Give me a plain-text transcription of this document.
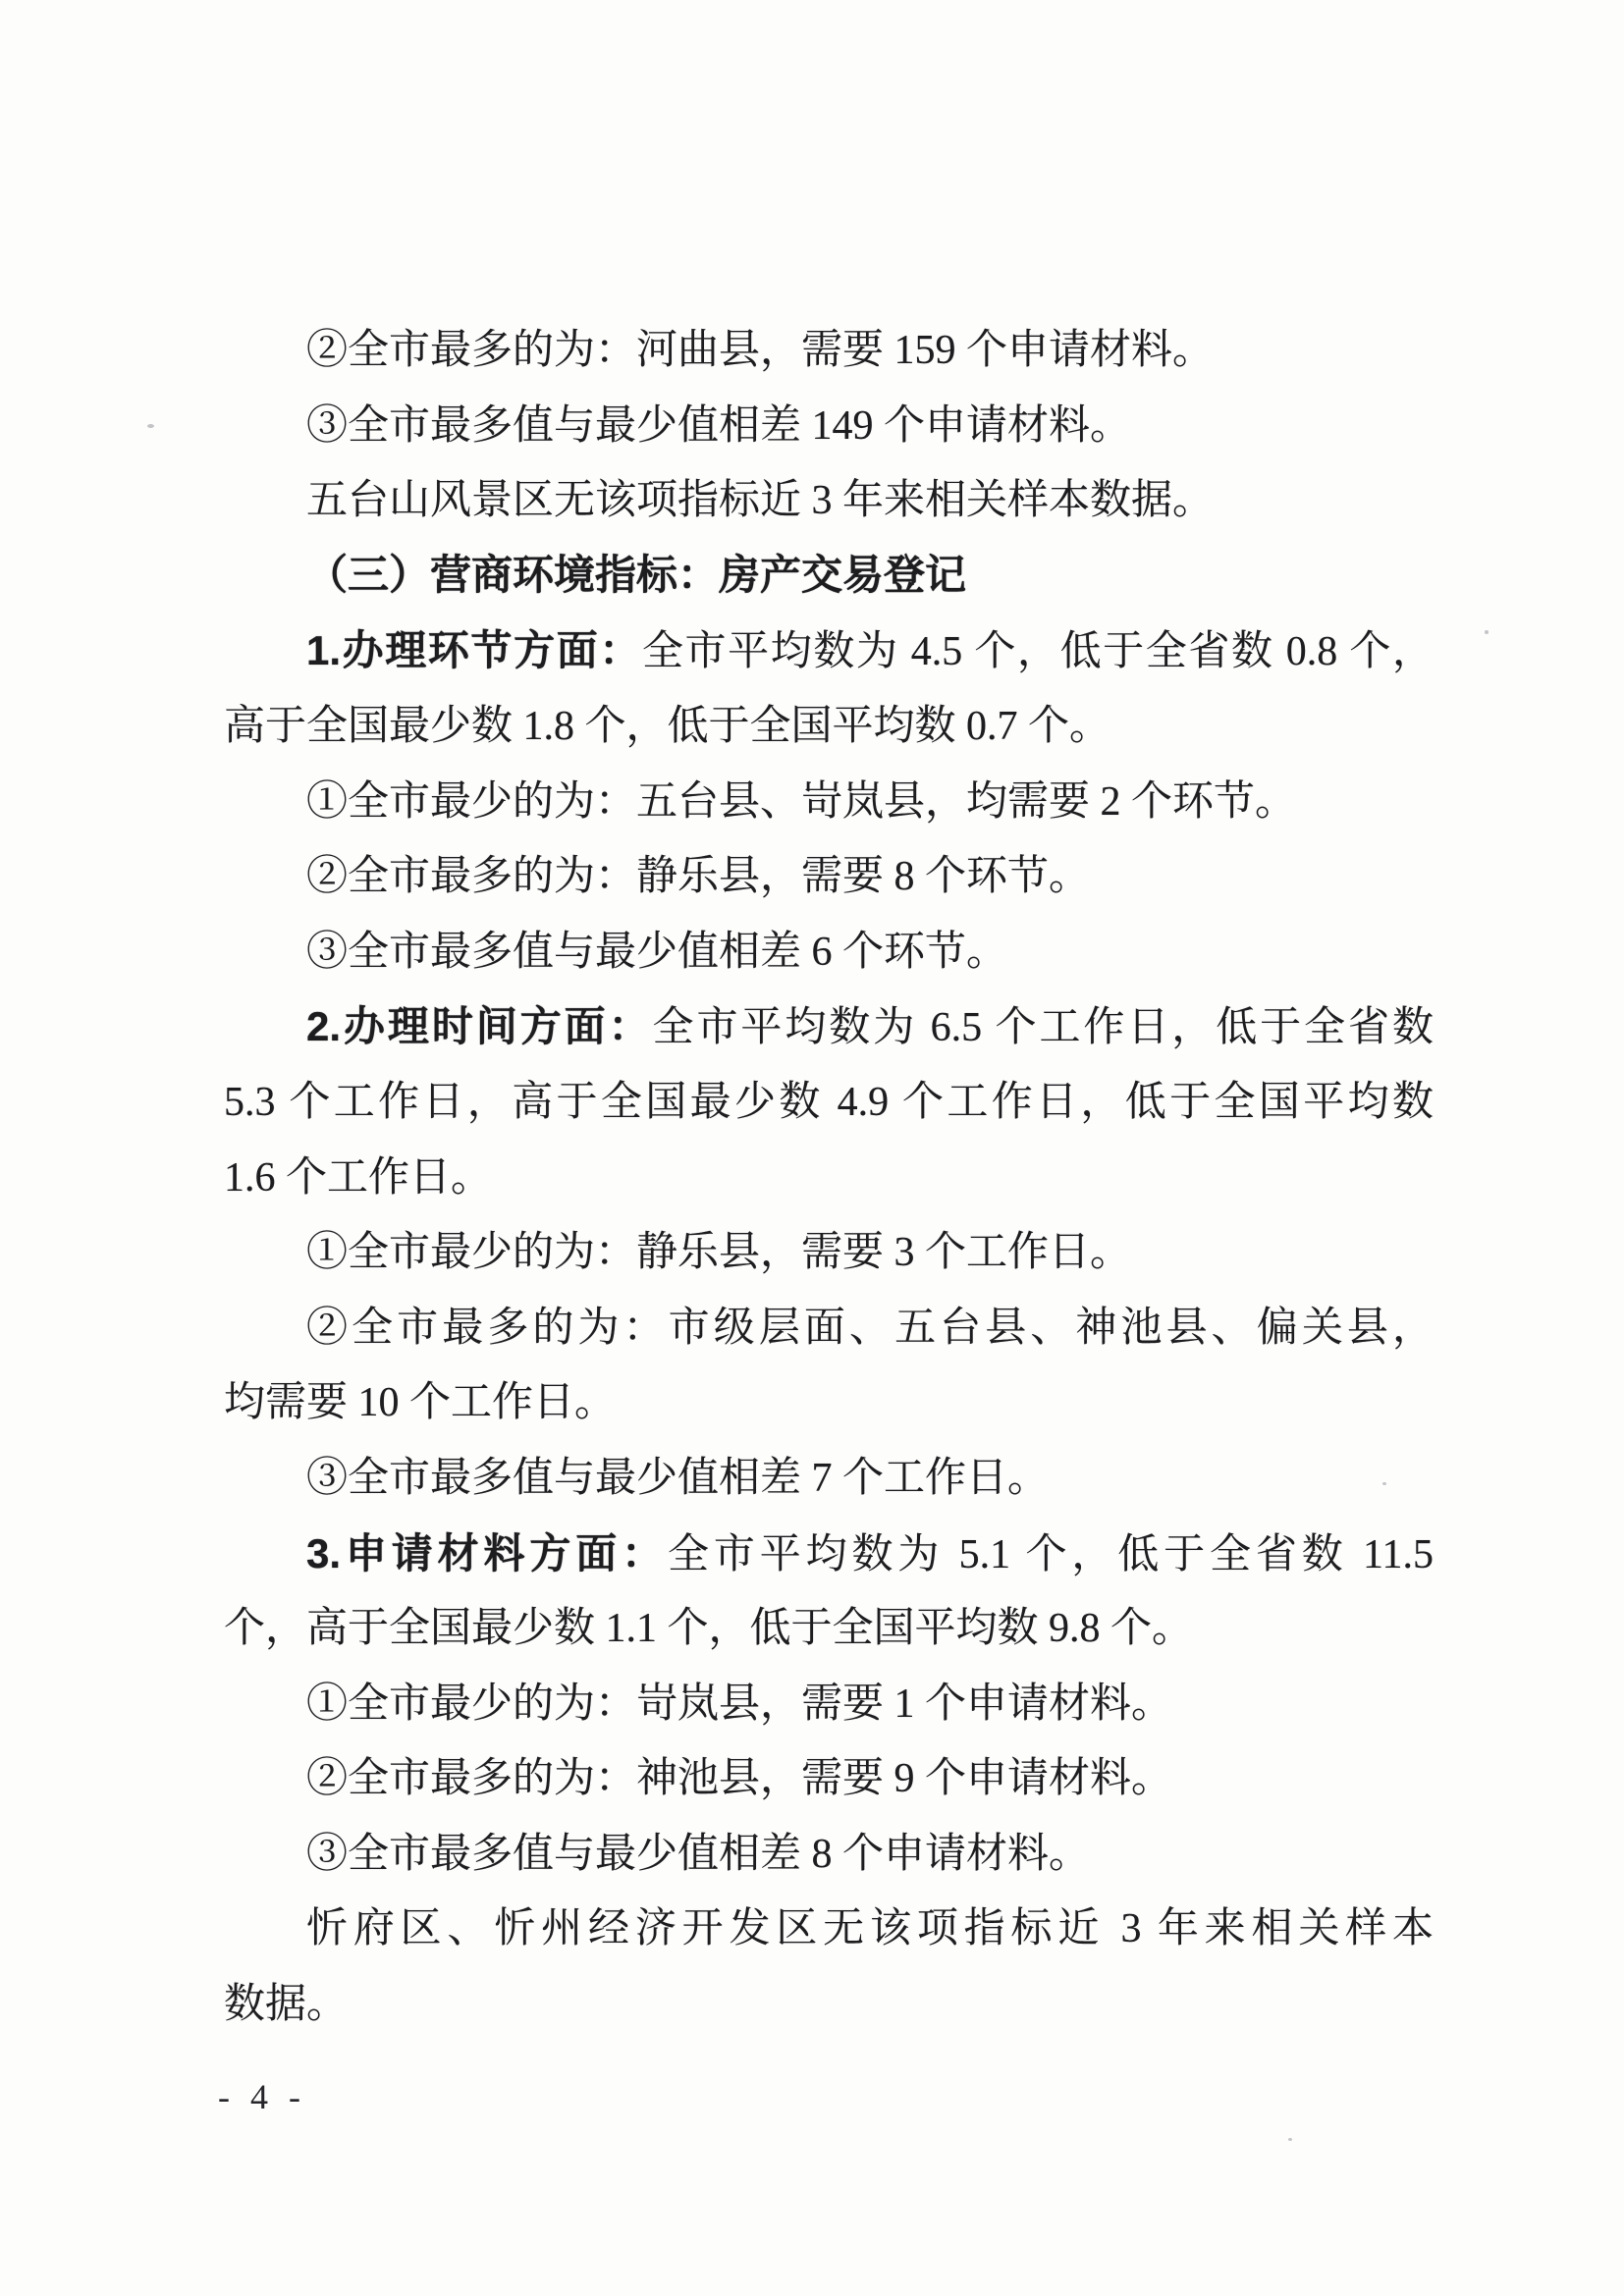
②全市最多的为：河曲县，需要 159 个申请材料。
③全市最多值与最少值相差 149 个申请材料。
五台山风景区无该项指标近 3 年来相关样本数据。
（三）营商环境指标：房产交易登记
1.办理环节方面：全市平均数为 4.5 个，低于全省数 0.8 个，
高于全国最少数 1.8 个，低于全国平均数 0.7 个。
①全市最少的为：五台县、岢岚县，均需要 2 个环节。
②全市最多的为：静乐县，需要 8 个环节。
③全市最多值与最少值相差 6 个环节。
2.办理时间方面：全市平均数为 6.5 个工作日，低于全省数
5.3 个工作日，高于全国最少数 4.9 个工作日，低于全国平均数
1.6 个工作日。
①全市最少的为：静乐县，需要 3 个工作日。
②全市最多的为：市级层面、五台县、神池县、偏关县，
均需要 10 个工作日。
③全市最多值与最少值相差 7 个工作日。
3.申请材料方面：全市平均数为 5.1 个，低于全省数 11.5
个，高于全国最少数 1.1 个，低于全国平均数 9.8 个。
①全市最少的为：岢岚县，需要 1 个申请材料。
②全市最多的为：神池县，需要 9 个申请材料。
③全市最多值与最少值相差 8 个申请材料。
忻府区、忻州经济开发区无该项指标近 3 年来相关样本
数据。
- 4 -
